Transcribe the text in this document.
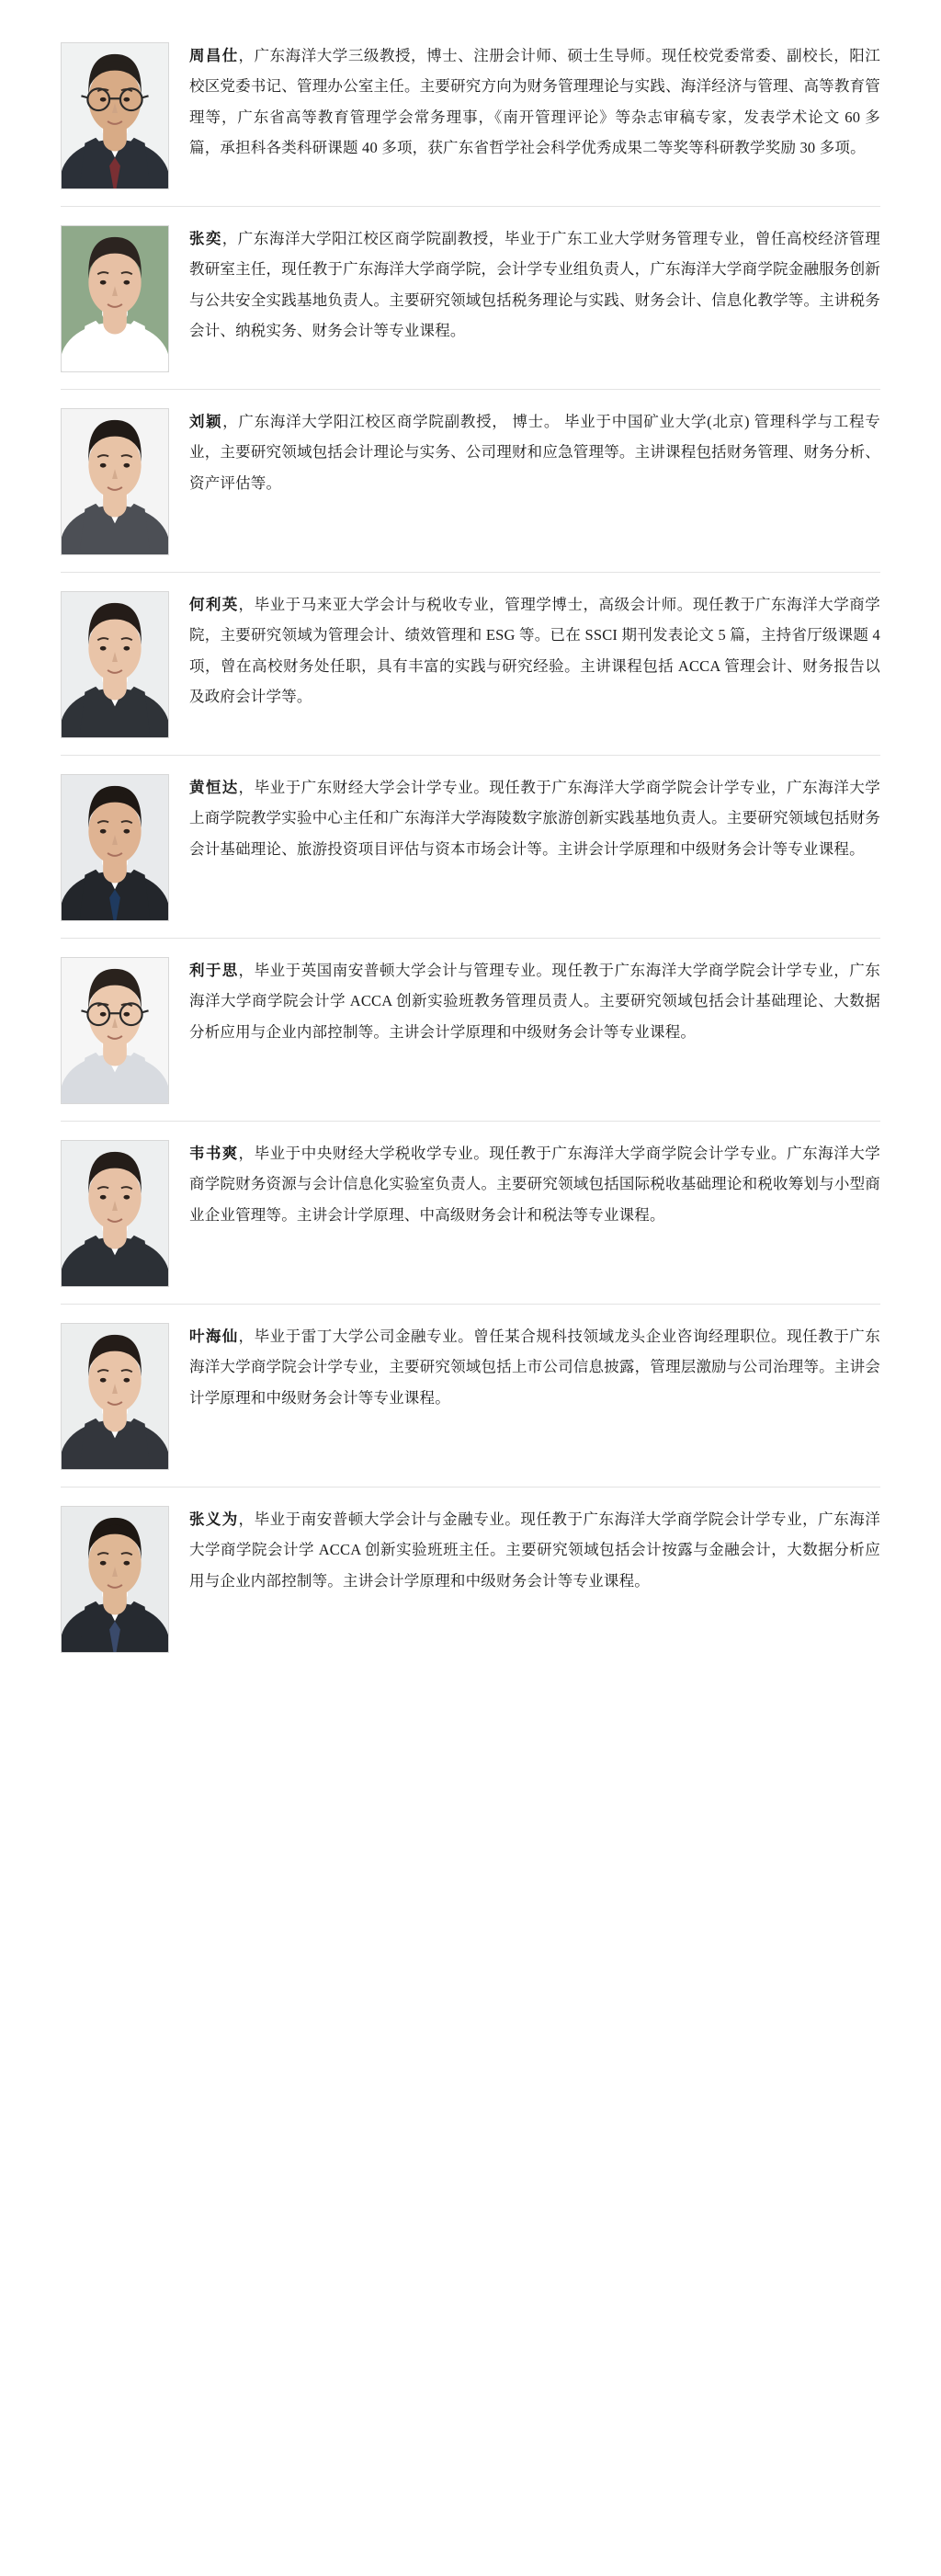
周昌仕，广东海洋大学三级教授，博士、注册会计师、硕士生导师。现任校党委常委、副校长，阳江校区党委书记、管理办公室主任。主要研究方向为财务管理理论与实践、海洋经济与管理、高等教育管理等，广东省高等教育管理学会常务理事，《南开管理评论》等杂志审稿专家，发表学术论文 60 多篇，承担科各类科研课题 40 多项，获广东省哲学社会科学优秀成果二等奖等科研教学奖励 30 多项。
张奕，广东海洋大学阳江校区商学院副教授，毕业于广东工业大学财务管理专业，曾任高校经济管理教研室主任，现任教于广东海洋大学商学院，会计学专业组负责人，广东海洋大学商学院金融服务创新与公共安全实践基地负责人。主要研究领域包括税务理论与实践、财务会计、信息化教学等。主讲税务会计、纳税实务、财务会计等专业课程。
刘颖，广东海洋大学阳江校区商学院副教授， 博士。 毕业于中国矿业大学(北京) 管理科学与工程专业，主要研究领域包括会计理论与实务、公司理财和应急管理等。主讲课程包括财务管理、财务分析、资产评估等。
何利英，毕业于马来亚大学会计与税收专业，管理学博士，高级会计师。现任教于广东海洋大学商学院，主要研究领域为管理会计、绩效管理和 ESG 等。已在 SSCI 期刊发表论文 5 篇，主持省厅级课题 4 项，曾在高校财务处任职，具有丰富的实践与研究经验。主讲课程包括 ACCA 管理会计、财务报告以及政府会计学等。
黄恒达，毕业于广东财经大学会计学专业。现任教于广东海洋大学商学院会计学专业，广东海洋大学上商学院教学实验中心主任和广东海洋大学海陵数字旅游创新实践基地负责人。主要研究领域包括财务会计基础理论、旅游投资项目评估与资本市场会计等。主讲会计学原理和中级财务会计等专业课程。
利于思，毕业于英国南安普顿大学会计与管理专业。现任教于广东海洋大学商学院会计学专业，广东海洋大学商学院会计学 ACCA 创新实验班教务管理员责人。主要研究领域包括会计基础理论、大数据分析应用与企业内部控制等。主讲会计学原理和中级财务会计等专业课程。
韦书爽，毕业于中央财经大学税收学专业。现任教于广东海洋大学商学院会计学专业。广东海洋大学商学院财务资源与会计信息化实验室负责人。主要研究领域包括国际税收基础理论和税收筹划与小型商业企业管理等。主讲会计学原理、中高级财务会计和税法等专业课程。
叶海仙，毕业于雷丁大学公司金融专业。曾任某合规科技领域龙头企业咨询经理职位。现任教于广东海洋大学商学院会计学专业，主要研究领域包括上市公司信息披露，管理层激励与公司治理等。主讲会计学原理和中级财务会计等专业课程。
张义为，毕业于南安普顿大学会计与金融专业。现任教于广东海洋大学商学院会计学专业，广东海洋大学商学院会计学 ACCA 创新实验班班主任。主要研究领域包括会计按露与金融会计，大数据分析应用与企业内部控制等。主讲会计学原理和中级财务会计等专业课程。
